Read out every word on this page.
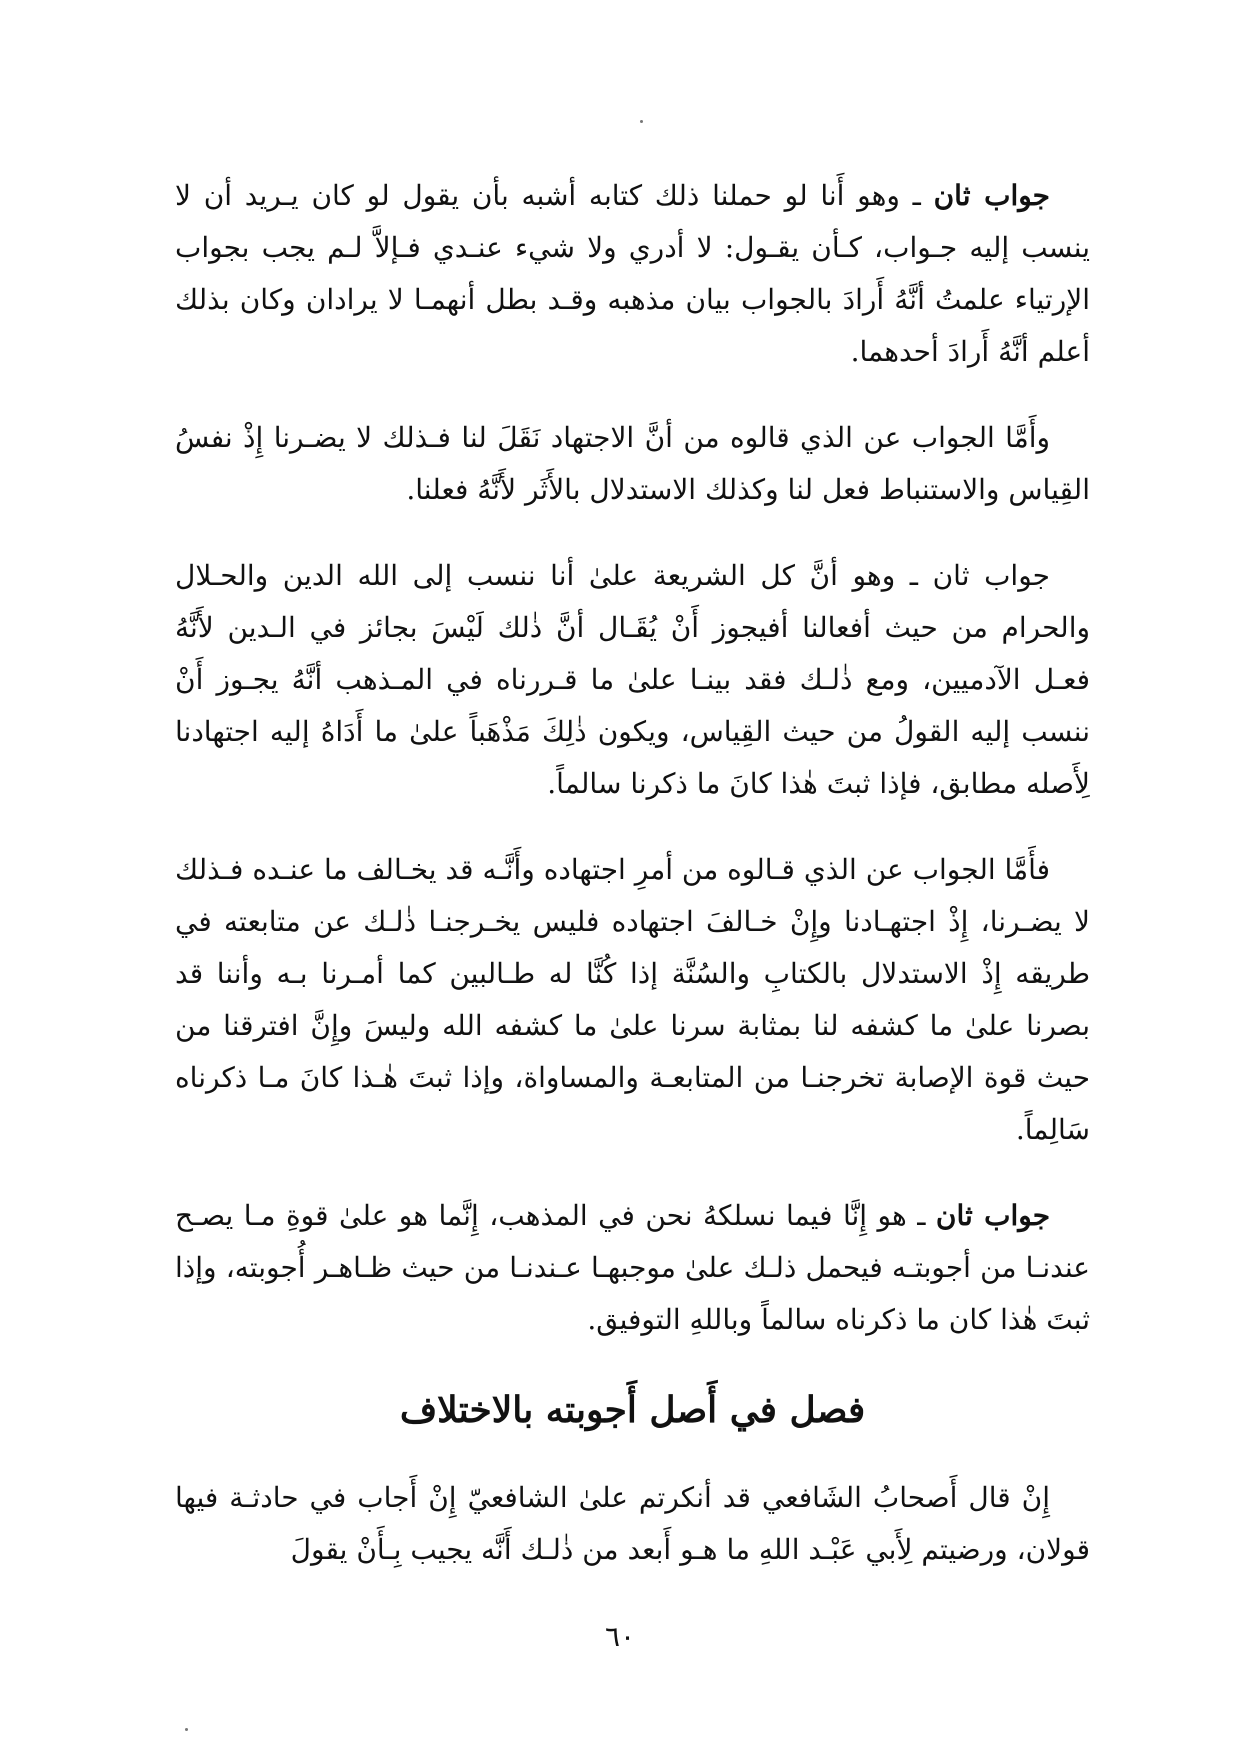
جواب ثان ـ وهو أَنا لو حملنا ذلك كتابه أشبه بأن يقول لو كان يـريد أن لا ينسب إليه جـواب، كـأن يقـول: لا أدري ولا شيء عنـدي فـإلاَّ لـم يجب بجواب الإرتياء علمتُ أنَّهُ أَرادَ بالجواب بيان مذهبه وقـد بطل أنهمـا لا يرادان وكان بذلك أعلم أنَّهُ أَرادَ أحدهما.

وأَمَّا الجواب عن الذي قالوه من أنَّ الاجتهاد نَقَلَ لنا فـذلك لا يضـرنا إِذْ نفسُ القِياس والاستنباط فعل لنا وكذلك الاستدلال بالأَثَر لأَنَّهُ فعلنا.

جواب ثان ـ وهو أنَّ كل الشريعة علىٰ أنا ننسب إلى الله الدين والحـلال والحرام من حيث أفعالنا أفيجوز أَنْ يُقَـال أنَّ ذٰلك لَيْسَ بجائز في الـدين لأَنَّهُ فعـل الآدميين، ومع ذٰلـك فقد بينـا علىٰ ما قـررناه في المـذهب أنَّهُ يجـوز أَنْ ننسب إليه القولُ من حيث القِياس، ويكون ذٰلِكَ مَذْهَباً علىٰ ما أَدَاهُ إليه اجتهادنا لِأَصله مطابق، فإذا ثبتَ هٰذا كانَ ما ذكرنا سالماً.

فأَمَّا الجواب عن الذي قـالوه من أمرِ اجتهاده وأَنَّـه قد يخـالف ما عنـده فـذلك لا يضـرنا، إِذْ اجتهـادنا وإِنْ خـالفَ اجتهاده فليس يخـرجنـا ذٰلـك عن متابعته في طريقه إِذْ الاستدلال بالكتابِ والسُنَّة إذا كُنَّا له طـالبين كما أمـرنا بـه وأننا قد بصرنا علىٰ ما كشفه لنا بمثابة سرنا علىٰ ما كشفه الله وليسَ وإِنَّ افترقنا من حيث قوة الإصابة تخرجنـا من المتابعـة والمساواة، وإذا ثبتَ هٰـذا كانَ مـا ذكرناه سَالِماً.

جواب ثان ـ هو إِنَّا فيما نسلكهُ نحن في المذهب، إِنَّما هو علىٰ قوةِ مـا يصـح عندنـا من أجوبتـه فيحمل ذلـك علىٰ موجبهـا عـندنـا من حيث ظـاهـر أُجوبته، وإذا ثبتَ هٰذا كان ما ذكرناه سالماً وباللهِ التوفيق.

فصل في أَصل أَجوبته بالاختلاف

إِنْ قال أَصحابُ الشَافعي قد أنكرتم علىٰ الشافعيّ إِنْ أَجاب في حادثـة فيها قولان، ورضيتم لِأَبي عَبْـد اللهِ ما هـو أَبعد من ذٰلـك أَنَّه يجيب بِـأَنْ يقولَ

٦٠
